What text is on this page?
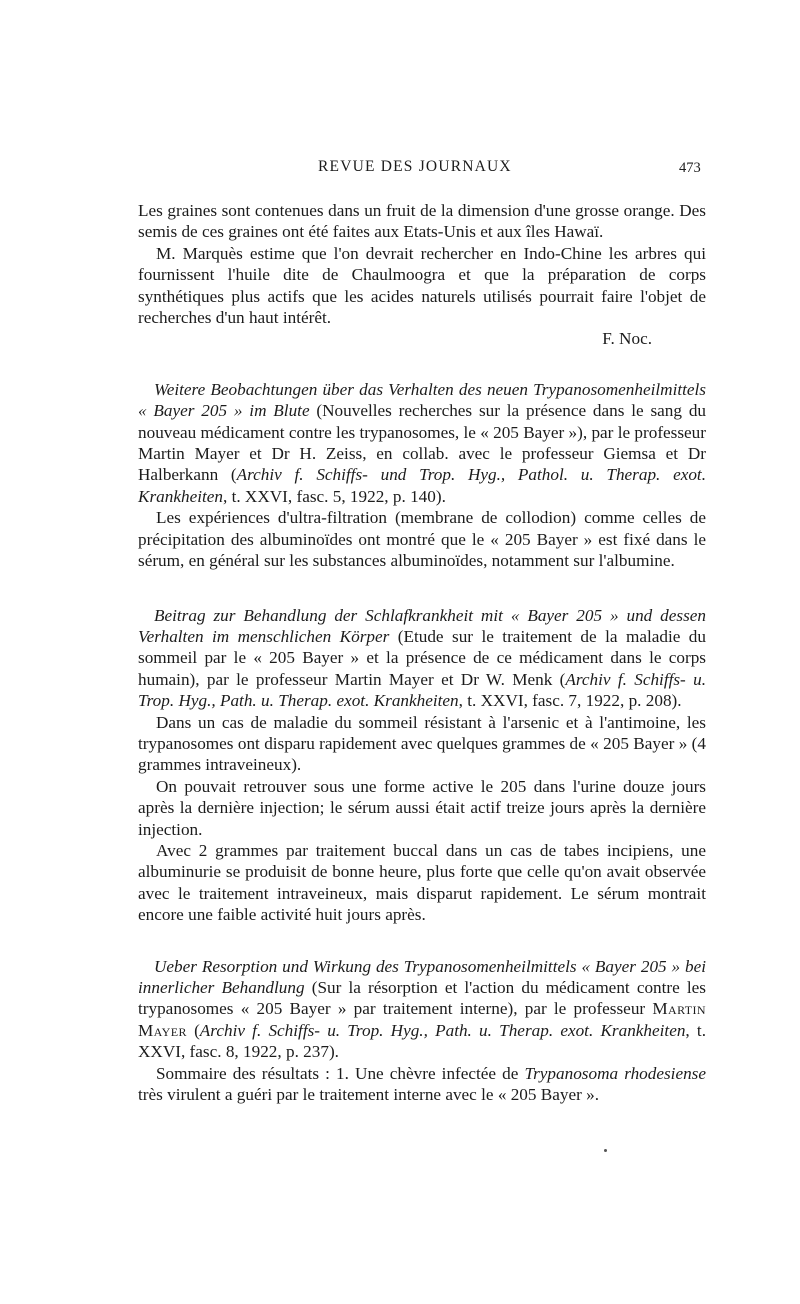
REVUE DES JOURNAUX	473

Les graines sont contenues dans un fruit de la dimension d'une grosse orange. Des semis de ces graines ont été faites aux Etats-Unis et aux îles Hawaï.

M. Marquès estime que l'on devrait rechercher en Indo-Chine les arbres qui fournissent l'huile dite de Chaulmoogra et que la préparation de corps synthétiques plus actifs que les acides naturels utilisés pourrait faire l'objet de recherches d'un haut intérêt.

F. Noc.

Weitere Beobachtungen über das Verhalten des neuen Trypanosomenheilmittels « Bayer 205 » im Blute (Nouvelles recherches sur la présence dans le sang du nouveau médicament contre les trypanosomes, le « 205 Bayer »), par le professeur Martin Mayer et Dr H. Zeiss, en collab. avec le professeur Giemsa et Dr Halberkann (Archiv f. Schiffs- und Trop. Hyg., Pathol. u. Therap. exot. Krankheiten, t. XXVI, fasc. 5, 1922, p. 140).

Les expériences d'ultra-filtration (membrane de collodion) comme celles de précipitation des albuminoïdes ont montré que le « 205 Bayer » est fixé dans le sérum, en général sur les substances albuminoïdes, notamment sur l'albumine.

Beitrag zur Behandlung der Schlafkrankheit mit « Bayer 205 » und dessen Verhalten im menschlichen Körper (Etude sur le traitement de la maladie du sommeil par le « 205 Bayer » et la présence de ce médicament dans le corps humain), par le professeur Martin Mayer et Dr W. Menk (Archiv f. Schiffs- u. Trop. Hyg., Path. u. Therap. exot. Krankheiten, t. XXVI, fasc. 7, 1922, p. 208).

Dans un cas de maladie du sommeil résistant à l'arsenic et à l'antimoine, les trypanosomes ont disparu rapidement avec quelques grammes de « 205 Bayer » (4 grammes intraveineux).

On pouvait retrouver sous une forme active le 205 dans l'urine douze jours après la dernière injection; le sérum aussi était actif treize jours après la dernière injection.

Avec 2 grammes par traitement buccal dans un cas de tabes incipiens, une albuminurie se produisit de bonne heure, plus forte que celle qu'on avait observée avec le traitement intraveineux, mais disparut rapidement. Le sérum montrait encore une faible activité huit jours après.

Ueber Resorption und Wirkung des Trypanosomenheilmittels « Bayer 205 » bei innerlicher Behandlung (Sur la résorption et l'action du médicament contre les trypanosomes « 205 Bayer » par traitement interne), par le professeur Martin Mayer (Archiv f. Schiffs- u. Trop. Hyg., Path. u. Therap. exot. Krankheiten, t. XXVI, fasc. 8, 1922, p. 237).

Sommaire des résultats : 1. Une chèvre infectée de Trypanosoma rhodesiense très virulent a guéri par le traitement interne avec le « 205 Bayer ».
